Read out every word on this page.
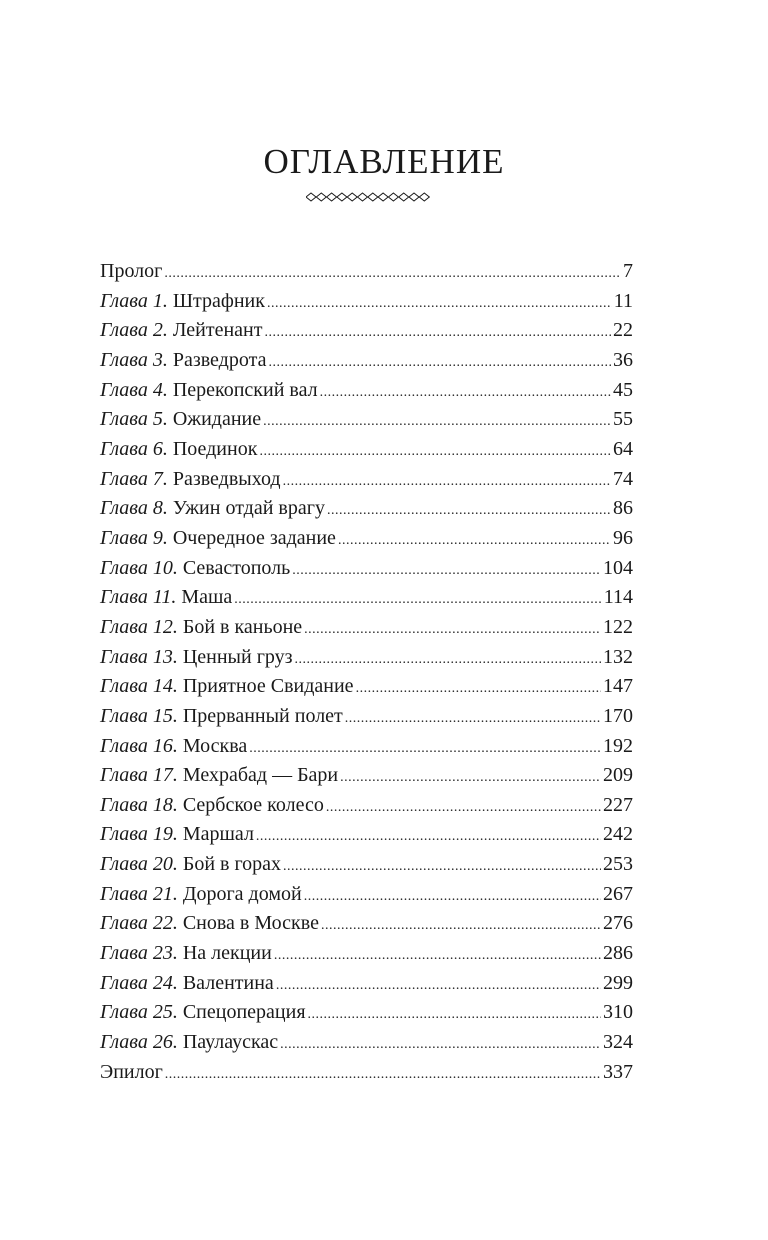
ОГЛАВЛЕНИЕ
Пролог .....	7
Глава 1. Штрафник .....	11
Глава 2. Лейтенант .....	22
Глава 3. Разведрота .....	36
Глава 4. Перекопский вал .....	45
Глава 5. Ожидание .....	55
Глава 6. Поединок .....	64
Глава 7. Разведвыход .....	74
Глава 8. Ужин отдай врагу .....	86
Глава 9. Очередное задание .....	96
Глава 10. Севастополь .....	104
Глава 11. Маша .....	114
Глава 12. Бой в каньоне .....	122
Глава 13. Ценный груз .....	132
Глава 14. Приятное Свидание .....	147
Глава 15. Прерванный полет .....	170
Глава 16. Москва .....	192
Глава 17. Мехрабад — Бари .....	209
Глава 18. Сербское колесо .....	227
Глава 19. Маршал .....	242
Глава 20. Бой в горах .....	253
Глава 21. Дорога домой .....	267
Глава 22. Снова в Москве .....	276
Глава 23. На лекции .....	286
Глава 24. Валентина .....	299
Глава 25. Спецоперация .....	310
Глава 26. Паулаускас .....	324
Эпилог .....	337
